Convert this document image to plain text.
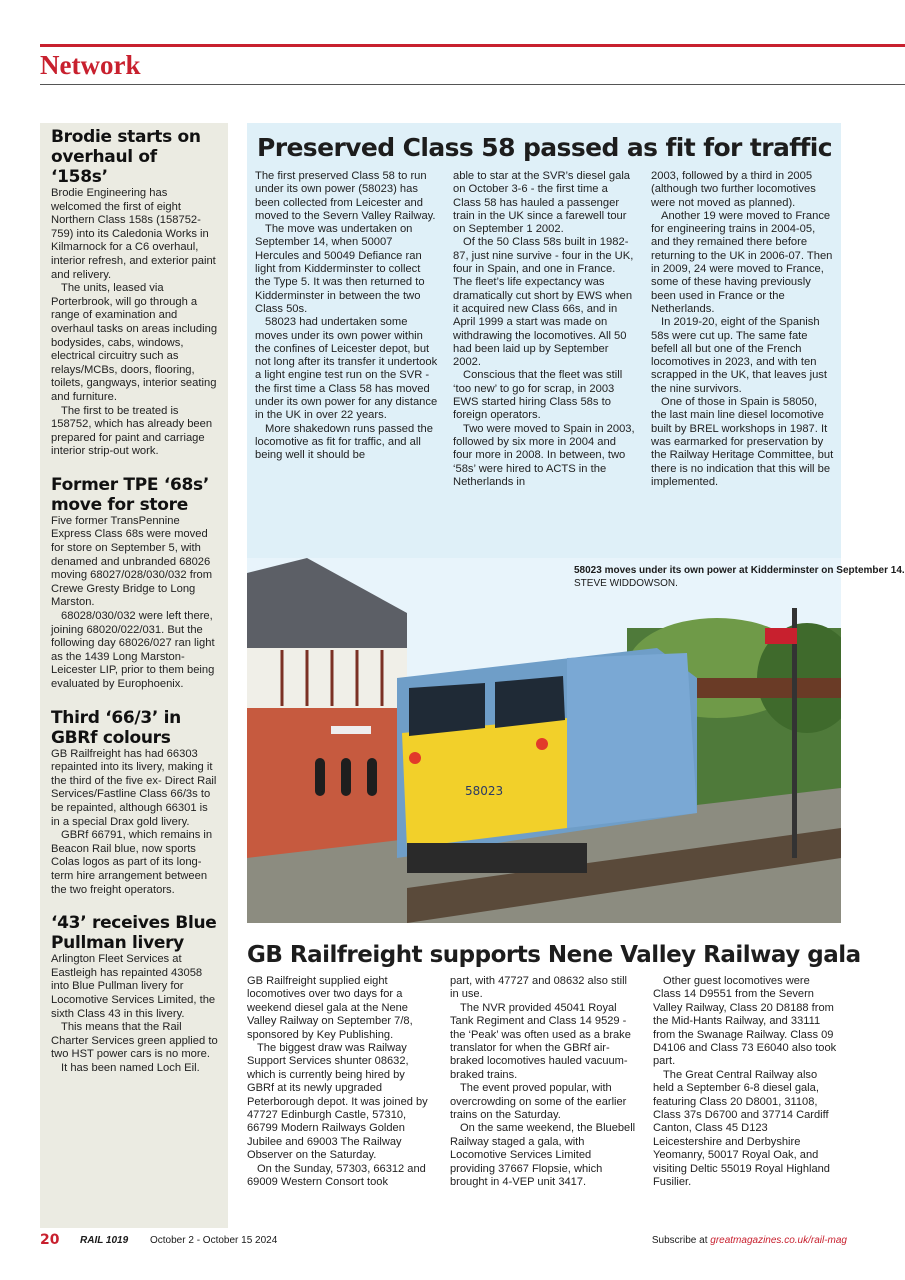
Network
Brodie starts on overhaul of ‘158s’

Brodie Engineering has welcomed the first of eight Northern Class 158s (158752-759) into its Caledonia Works in Kilmarnock for a C6 overhaul, interior refresh, and exterior paint and relivery.

The units, leased via Porterbrook, will go through a range of examination and overhaul tasks on areas including bodysides, cabs, windows, electrical circuitry such as relays/MCBs, doors, flooring, toilets, gangways, interior seating and furniture.

The first to be treated is 158752, which has already been prepared for paint and carriage interior strip-out work.

Former TPE ‘68s’ move for store

Five former TransPennine Express Class 68s were moved for store on September 5, with denamed and unbranded 68026 moving 68027/028/030/032 from Crewe Gresty Bridge to Long Marston.

68028/030/032 were left there, joining 68020/022/031. But the following day 68026/027 ran light as the 1439 Long Marston-Leicester LIP, prior to them being evaluated by Europhoenix.

Third ‘66/3’ in GBRf colours

GB Railfreight has had 66303 repainted into its livery, making it the third of the five ex- Direct Rail Services/Fastline Class 66/3s to be repainted, although 66301 is in a special Drax gold livery.

GBRf 66791, which remains in Beacon Rail blue, now sports Colas logos as part of its long-term hire arrangement between the two freight operators.

‘43’ receives Blue Pullman livery

Arlington Fleet Services at Eastleigh has repainted 43058 into Blue Pullman livery for Locomotive Services Limited, the sixth Class 43 in this livery.

This means that the Rail Charter Services green applied to two HST power cars is no more.

It has been named Loch Eil.

Preserved Class 58 passed as fit for traffic

The first preserved Class 58 to run under its own power (58023) has been collected from Leicester and moved to the Severn Valley Railway.

The move was undertaken on September 14, when 50007 Hercules and 50049 Defiance ran light from Kidderminster to collect the Type 5. It was then returned to Kidderminster in between the two Class 50s.

58023 had undertaken some moves under its own power within the confines of Leicester depot, but not long after its transfer it undertook a light engine test run on the SVR - the first time a Class 58 has moved under its own power for any distance in the UK in over 22 years.

More shakedown runs passed the locomotive as fit for traffic, and all being well it should be

able to star at the SVR’s diesel gala on October 3-6 - the first time a Class 58 has hauled a passenger train in the UK since a farewell tour on September 1 2002.

Of the 50 Class 58s built in 1982-87, just nine survive - four in the UK, four in Spain, and one in France. The fleet’s life expectancy was dramatically cut short by EWS when it acquired new Class 66s, and in April 1999 a start was made on withdrawing the locomotives. All 50 had been laid up by September 2002.

Conscious that the fleet was still ‘too new’ to go for scrap, in 2003 EWS started hiring Class 58s to foreign operators.

Two were moved to Spain in 2003, followed by six more in 2004 and four more in 2008. In between, two ‘58s’ were hired to ACTS in the Netherlands in

2003, followed by a third in 2005 (although two further locomotives were not moved as planned).

Another 19 were moved to France for engineering trains in 2004-05, and they remained there before returning to the UK in 2006-07. Then in 2009, 24 were moved to France, some of these having previously been used in France or the Netherlands.

In 2019-20, eight of the Spanish 58s were cut up. The same fate befell all but one of the French locomotives in 2023, and with ten scrapped in the UK, that leaves just the nine survivors.

One of those in Spain is 58050, the last main line diesel locomotive built by BREL workshops in 1987. It was earmarked for preservation by the Railway Heritage Committee, but there is no indication that this will be implemented.

58023
58023 moves under its own power at Kidderminster on September 14. STEVE WIDDOWSON.
GB Railfreight supports Nene Valley Railway gala

GB Railfreight supplied eight locomotives over two days for a weekend diesel gala at the Nene Valley Railway on September 7/8, sponsored by Key Publishing.

The biggest draw was Railway Support Services shunter 08632, which is currently being hired by GBRf at its newly upgraded Peterborough depot. It was joined by 47727 Edinburgh Castle, 57310, 66799 Modern Railways Golden Jubilee and 69003 The Railway Observer on the Saturday.

On the Sunday, 57303, 66312 and 69009 Western Consort took

part, with 47727 and 08632 also still in use.

The NVR provided 45041 Royal Tank Regiment and Class 14 9529 - the ‘Peak’ was often used as a brake translator for when the GBRf air-braked locomotives hauled vacuum-braked trains.

The event proved popular, with overcrowding on some of the earlier trains on the Saturday.

On the same weekend, the Bluebell Railway staged a gala, with Locomotive Services Limited providing 37667 Flopsie, which brought in 4-VEP unit 3417.

Other guest locomotives were Class 14 D9551 from the Severn Valley Railway, Class 20 D8188 from the Mid-Hants Railway, and 33111 from the Swanage Railway. Class 09 D4106 and Class 73 E6040 also took part.

The Great Central Railway also held a September 6-8 diesel gala, featuring Class 20 D8001, 31108, Class 37s D6700 and 37714 Cardiff Canton, Class 45 D123 Leicestershire and Derbyshire Yeomanry, 50017 Royal Oak, and visiting Deltic 55019 Royal Highland Fusilier.

20 RAIL 1019 October 2 - October 15 2024	Subscribe at greatmagazines.co.uk/rail-mag
